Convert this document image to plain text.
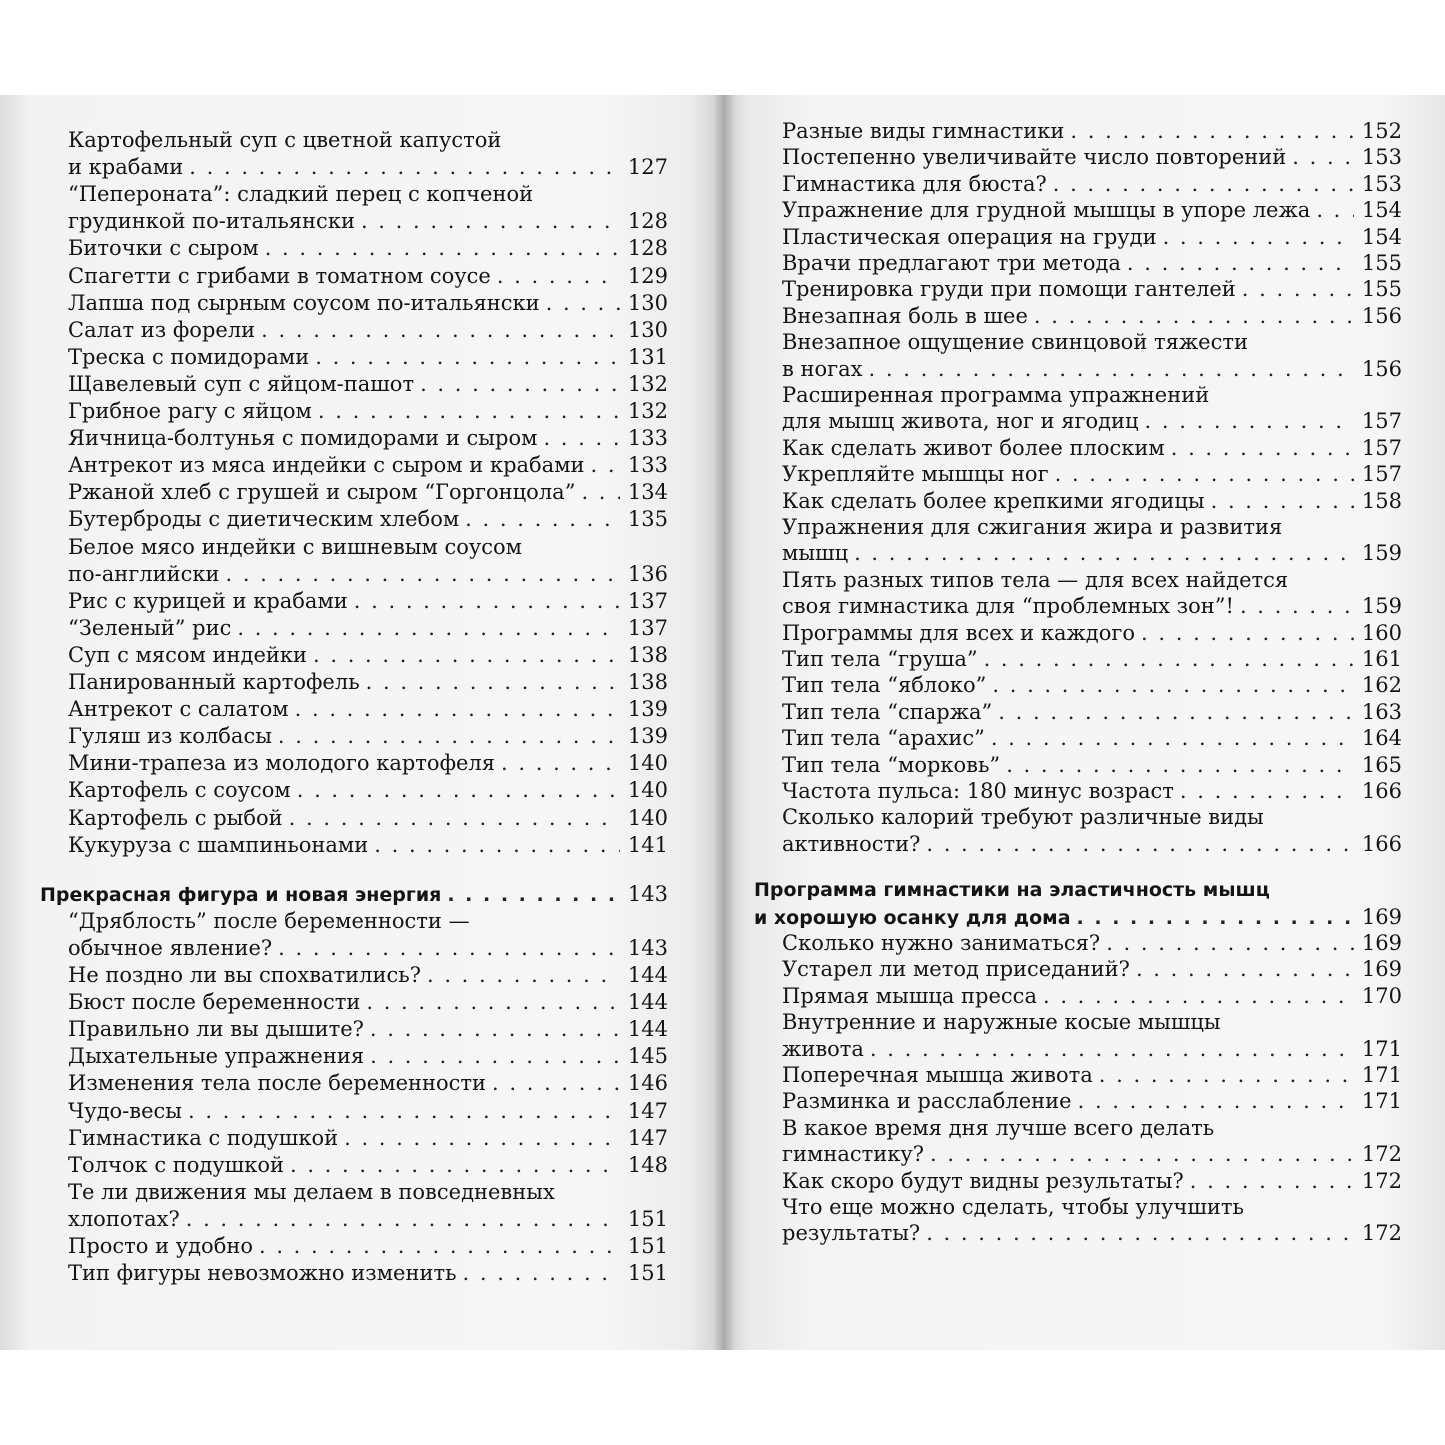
Картофельный суп с цветной капустой
и крабами . . .	127
“Пеперонатa”: сладкий перец с копченой
грудинкой по-итальянски . . .	128
Биточки с сыром . . .	128
Спагетти с грибами в томатном соусе . . .	129
Лапша под сырным соусом по-итальянски . . .	130
Салат из форели . . .	130
Треска с помидорами . . .	131
Щавелевый суп с яйцом-пашот . . .	132
Грибное рагу с яйцом . . .	132
Яичница-болтунья с помидорами и сыром . . .	133
Антрекот из мяса индейки с сыром и крабами . . . 133
Ржаной хлеб с грушей и сыром “Горгонцола” . . . 134
Бутерброды с диетическим хлебом . . .	135
Белое мясо индейки с вишневым соусом
по-английски . . .	136
Рис с курицей и крабами . . .	137
“Зеленый” рис . . .	137
Суп с мясом индейки . . .	138
Панированный картофель . . .	138
Антрекот с салатом . . .	139
Гуляш из колбасы . . .	139
Мини-трапеза из молодого картофеля . . .	140
Картофель с соусом . . .	140
Картофель с рыбой . . .	140
Кукуруза с шампиньонами . . .	141
Прекрасная фигура и новая энергия . . .	143
“Дряблость” после беременности —
обычное явление? . . .	143
Не поздно ли вы спохватились? . . .	144
Бюст после беременности . . .	144
Правильно ли вы дышите? . . .	144
Дыхательные упражнения . . .	145
Изменения тела после беременности . . .	146
Чудо-весы . . .	147
Гимнастика с подушкой . . .	147
Толчок с подушкой . . .	148
Те ли движения мы делаем в повседневных
хлопотах? . . .	151
Просто и удобно . . .	151
Тип фигуры невозможно изменить . . .	151
Разные виды гимнастики . . .	152
Постепенно увеличивайте число повторений . . .	153
Гимнастика для бюста? . . .	153
Упражнение для грудной мышцы в упоре лежа . . . 154
Пластическая операция на груди . . .	154
Врачи предлагают три метода . . .	155
Тренировка груди при помощи гантелей . . .	155
Внезапная боль в шее . . .	156
Внезапное ощущение свинцовой тяжести
в ногах . . .	156
Расширенная программа упражнений
для мышц живота, ног и ягодиц . . .	157
Как сделать живот более плоским . . .	157
Укрепляйте мышцы ног . . .	157
Как сделать более крепкими ягодицы . . .	158
Упражнения для сжигания жира и развития
мышц . . .	159
Пять разных типов тела — для всех найдется
своя гимнастика для “проблемных зон”! . . .	159
Программы для всех и каждого . . .	160
Тип тела “груша” . . .	161
Тип тела “яблоко” . . .	162
Тип тела “спаржа” . . .	163
Тип тела “арахис” . . .	164
Тип тела “морковь” . . .	165
Частота пульса: 180 минус возраст . . .	166
Сколько калорий требуют различные виды
активности? . . .	166
Программа гимнастики на эластичность мышц
и хорошую осанку для дома . . .	169
Сколько нужно заниматься? . . .	169
Устарел ли метод приседаний? . . .	169
Прямая мышца пресса . . .	170
Внутренние и наружные косые мышцы
живота . . .	171
Поперечная мышца живота . . .	171
Разминка и расслабление . . .	171
В какое время дня лучше всего делать
гимнастику? . . .	172
Как скоро будут видны результаты? . . .	172
Что еще можно сделать, чтобы улучшить
результаты? . . .	172
